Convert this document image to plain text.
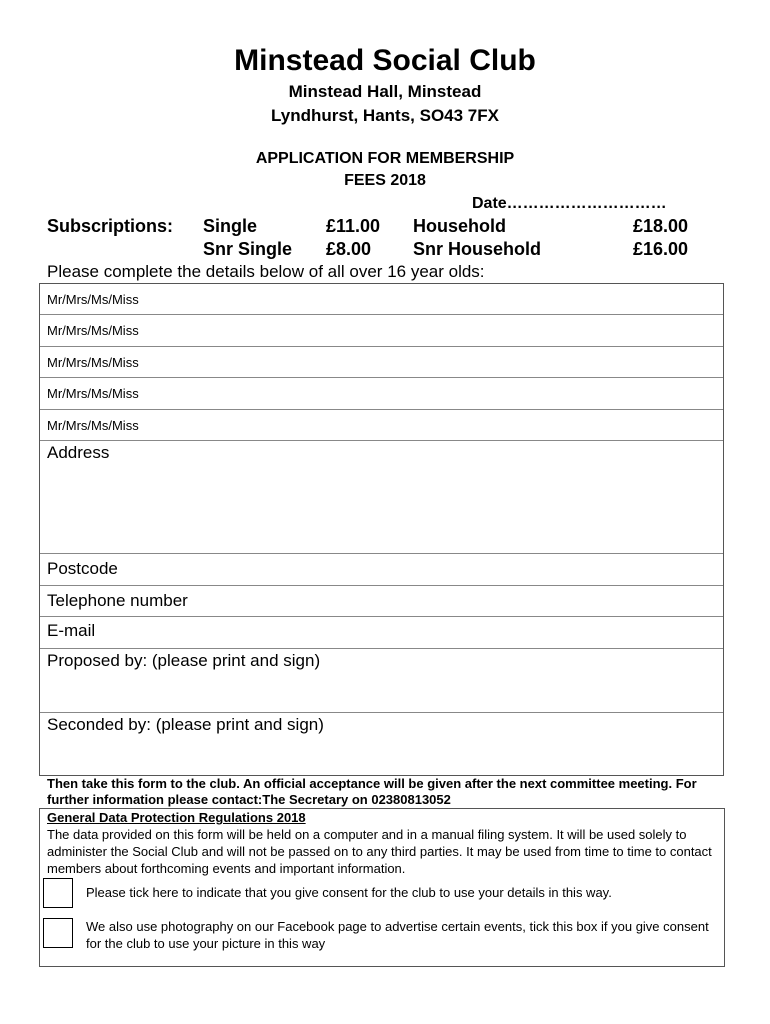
Minstead Social Club
Minstead Hall, Minstead
Lyndhurst, Hants, SO43 7FX
APPLICATION FOR MEMBERSHIP
FEES 2018
Date…………………………
Subscriptions: Single	£11.00 Household	£18.00
Snr Single £8.00 Snr Household	£16.00
Please complete the details below of all over 16 year olds:
Mr/Mrs/Ms/Miss
Mr/Mrs/Ms/Miss
Mr/Mrs/Ms/Miss
Mr/Mrs/Ms/Miss
Mr/Mrs/Ms/Miss
Address
Postcode
Telephone number
E-mail
Proposed by: (please print and sign)
Seconded by: (please print and sign)
Then take this form to the club. An official acceptance will be given after the next committee meeting. For further information please contact:The Secretary on 02380813052
General Data Protection Regulations 2018
The data provided on this form will be held on a computer and in a manual filing system. It will be used solely to administer the Social Club and will not be passed on to any third parties. It may be used from time to time to contact members about forthcoming events and important information.
Please tick here to indicate that you give consent for the club to use your details in this way.
We also use photography on our Facebook page to advertise certain events, tick this box if you give consent for the club to use your picture in this way
